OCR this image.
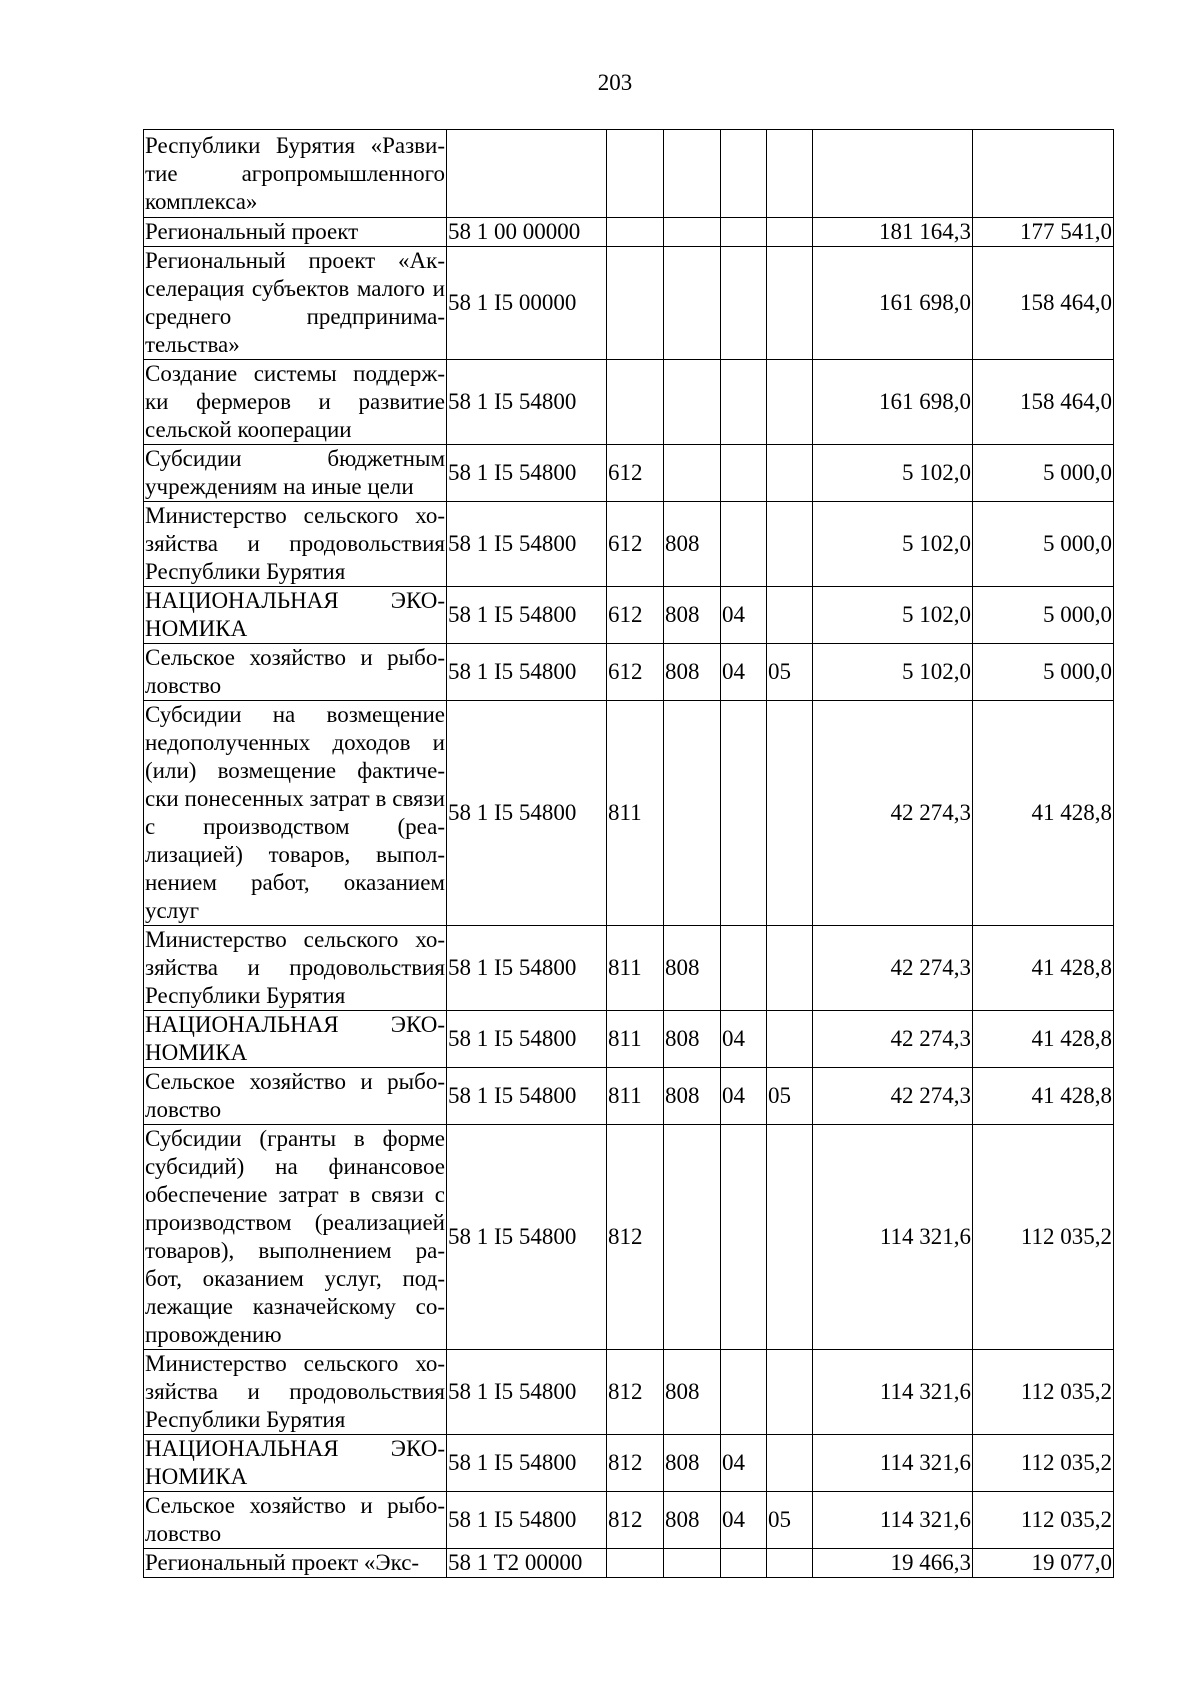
203
Республики Бурятия «Разви-тие агропромышленного комплекса»							
Региональный проект	58 1 00 00000					181 164,3	177 541,0
Региональный проект «Ак-селерация субъектов малого и среднего предпринима-тельства»	58 1 I5 00000					161 698,0	158 464,0
Создание системы поддерж-ки фермеров и развитие сельской кооперации	58 1 I5 54800					161 698,0	158 464,0
Субсидии бюджетным учреждениям на иные цели	58 1 I5 54800	612				5 102,0	5 000,0
Министерство сельского хо-зяйства и продовольствия Республики Бурятия	58 1 I5 54800	612	808			5 102,0	5 000,0
НАЦИОНАЛЬНАЯ ЭКО-НОМИКА	58 1 I5 54800	612	808	04		5 102,0	5 000,0
Сельское хозяйство и рыбо-ловство	58 1 I5 54800	612	808	04	05	5 102,0	5 000,0
Субсидии на возмещение недополученных доходов и (или) возмещение фактиче-ски понесенных затрат в связи с производством (реа-лизацией) товаров, выпол-нением работ, оказанием услуг	58 1 I5 54800	811				42 274,3	41 428,8
Министерство сельского хо-зяйства и продовольствия Республики Бурятия	58 1 I5 54800	811	808			42 274,3	41 428,8
НАЦИОНАЛЬНАЯ ЭКО-НОМИКА	58 1 I5 54800	811	808	04		42 274,3	41 428,8
Сельское хозяйство и рыбо-ловство	58 1 I5 54800	811	808	04	05	42 274,3	41 428,8
Субсидии (гранты в форме субсидий) на финансовое обеспечение затрат в связи с производством (реализацией товаров), выполнением ра-бот, оказанием услуг, под-лежащие казначейскому со-провождению	58 1 I5 54800	812				114 321,6	112 035,2
Министерство сельского хо-зяйства и продовольствия Республики Бурятия	58 1 I5 54800	812	808			114 321,6	112 035,2
НАЦИОНАЛЬНАЯ ЭКО-НОМИКА	58 1 I5 54800	812	808	04		114 321,6	112 035,2
Сельское хозяйство и рыбо-ловство	58 1 I5 54800	812	808	04	05	114 321,6	112 035,2
Региональный проект «Экс-	58 1 T2 00000					19 466,3	19 077,0
